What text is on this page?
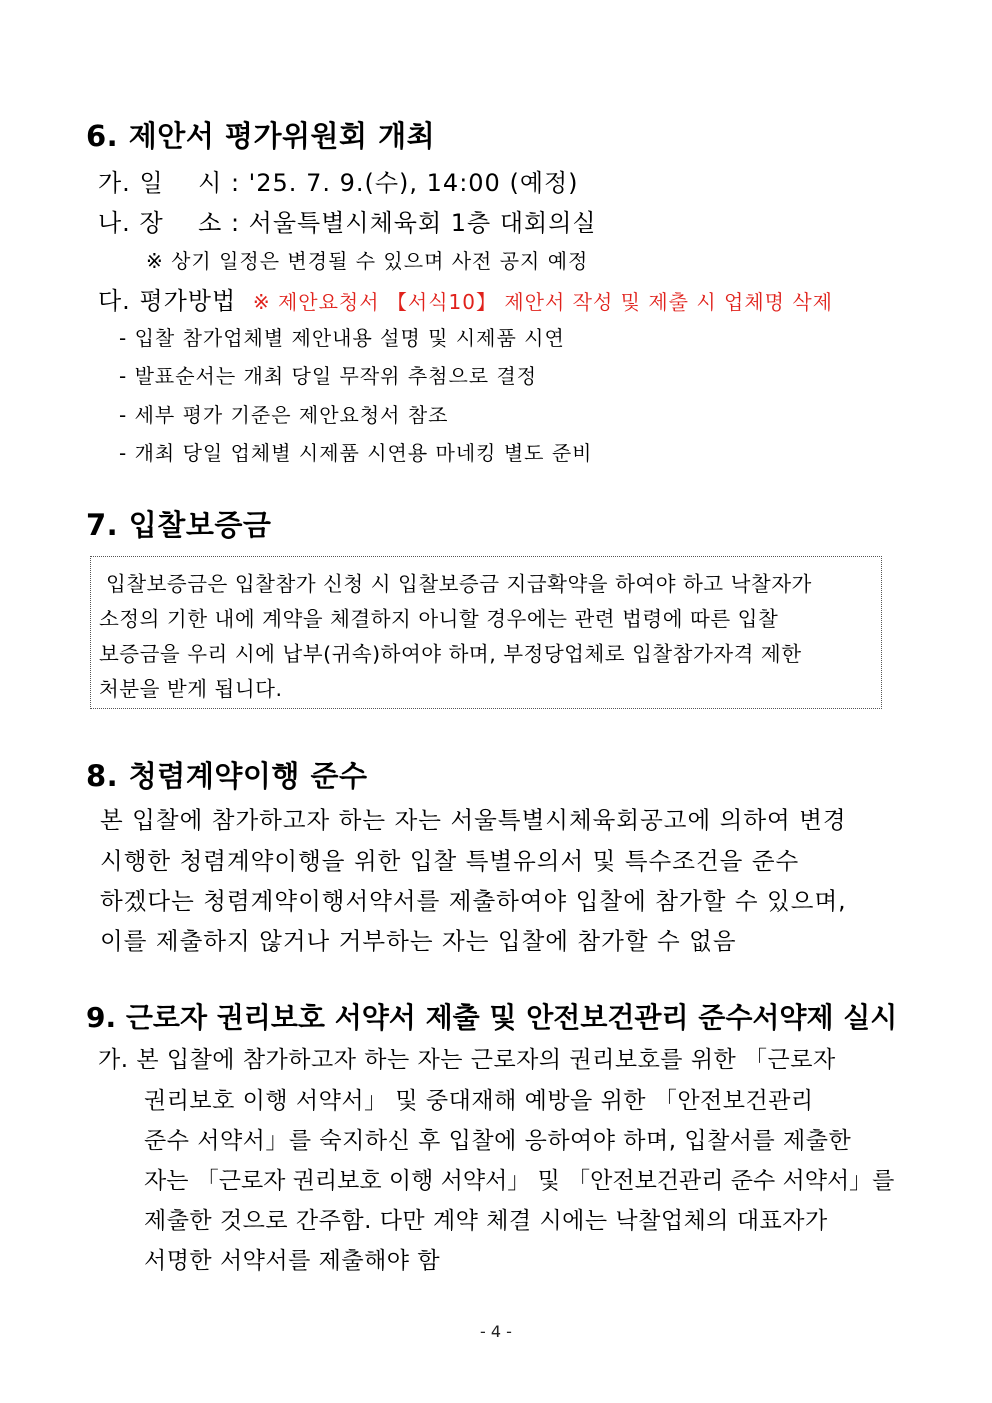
6. 제안서 평가위원회 개최
가. 일    시 : '25. 7. 9.(수), 14:00 (예정)
나. 장    소 : 서울특별시체육회 1층 대회의실
※ 상기 일정은 변경될 수 있으며 사전 공지 예정
다. 평가방법 ※ 제안요청서 【서식10】 제안서 작성 및 제출 시 업체명 삭제
- 입찰 참가업체별 제안내용 설명 및 시제품 시연
- 발표순서는 개최 당일 무작위 추첨으로 결정
- 세부 평가 기준은 제안요청서 참조
- 개최 당일 업체별 시제품 시연용 마네킹 별도 준비
7. 입찰보증금
입찰보증금은 입찰참가 신청 시 입찰보증금 지급확약을 하여야 하고 낙찰자가
소정의 기한 내에 계약을 체결하지 아니할 경우에는 관련 법령에 따른 입찰
보증금을 우리 시에 납부(귀속)하여야 하며, 부정당업체로 입찰참가자격 제한
처분을 받게 됩니다.
8. 청렴계약이행 준수
본 입찰에 참가하고자 하는 자는 서울특별시체육회공고에 의하여 변경
시행한 청렴계약이행을 위한 입찰 특별유의서 및 특수조건을 준수
하겠다는 청렴계약이행서약서를 제출하여야 입찰에 참가할 수 있으며,
이를 제출하지 않거나 거부하는 자는 입찰에 참가할 수 없음
9. 근로자 권리보호 서약서 제출 및 안전보건관리 준수서약제 실시
가. 본 입찰에 참가하고자 하는 자는 근로자의 권리보호를 위한 「근로자
권리보호 이행 서약서」 및 중대재해 예방을 위한 「안전보건관리
준수 서약서」를 숙지하신 후 입찰에 응하여야 하며, 입찰서를 제출한
자는 「근로자 권리보호 이행 서약서」 및 「안전보건관리 준수 서약서」를
제출한 것으로 간주함. 다만 계약 체결 시에는 낙찰업체의 대표자가
서명한 서약서를 제출해야 함
- 4 -
